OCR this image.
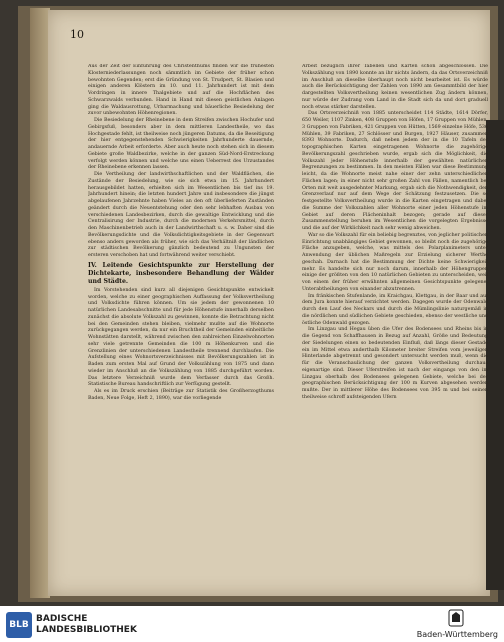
10

Aus der Zeit der Einführung des Christenthums finden wir die frühesten Klosterniederlassungen noch sämmtlich im Gebiete der früher schon bewohnten Gegenden; erst die Gründung von St. Trudpert, St. Blasien und einigen anderen Klöstern im 10. und 11. Jahrhundert ist mit dem Vordringen in innere Thalgebiete und auf die Hochflächen des Schwarzwalds verbunden. Hand in Hand mit diesen geistlichen Anlagen ging die Waldausrottung, Urbarmachung und bäuerliche Besiedelung der zuvor unbewohnten Höhenregionen.

Die Besiedelung der Rheinebene in dem Streifen zwischen Hochufer und Gebirgsfuß, besonders aber in dem mittleren Landestheile, wo das Hochgestade fehlt, ist theilweise noch jüngeren Datums, da die Beseitigung der hier entgegenstehenden Schwierigkeiten Jahrhunderte dauernde, andauernde Arbeit erforderte. Aber auch heute noch stehen sich in diesem Gebiete große Waldbezirke, welche in der ganzen Süd-Nord-Erstreckung verfolgt werden können und welche uns einen Ueberrest des Urzustandes der Rheinebene erkennen lassen.

Die Vertheilung der landwirthschaftlichen und der Waldflächen, die Zustände der Besiedelung, wie sie sich etwa im 15. Jahrhundert herausgebildet hatten, erhielten sich im Wesentlichen bis tief ins 19. Jahrhundert hinein; die letzten hundert Jahre und insbesondere die jüngst abgelaufenen Jahrzehnte haben Vieles an den oft überlieferten Zuständen geändert durch die Neuentstehung oder den sehr lebhaften Ausbau von verschiedenen Landesbezirken, durch die gewaltige Entwicklung und die Centralisirung der Industrie, durch die modernen Verkehrsmittel, durch den Maschinenbetrieb auch in der Landwirthschaft u. s. w. Daher sind die Bevölkerungsdichte und die Volksdichtigkeitsgebiete in der Gegenwart ebenso anders geworden als früher, wie sich das Verhältniß der ländlichen zur städtischen Bevölkerung gänzlich bedeutend zu Ungunsten der ersteren verschoben hat und fortwährend weiter verschiebt.

IV. Leitende Gesichtspunkte zur Herstellung der Dichtekarte, insbesondere Behandlung der Wälder und Städte.

Im Vorstehenden sind kurz all diejenigen Gesichtspunkte entwickelt worden, welche zu einer geographischen Auffassung der Volksvertheilung und Volksdichte führen können. Um sie jedem der gewonnenen 10 natürlichen Landesabschnitte und für jede Höhenstufe innerhalb derselben zunächst die absolute Volkszahl zu gewinnen, konnte die Betrachtung nicht bei den Gemeinden stehen bleiben, vielmehr mußte auf die Wohnorte zurückgegangen werden, da nur ein Bruchtheil der Gemeinden einheitliche Wohnstätten darstellt, während zwischen den zahlreichen Einzelwohnorten sehr viele getrennte Gemeinden die 100 m Höhenkurven und die Grenzlinien der unterschiedenen Landestheile trennend durchlaufen. Die Aufstellung eines Wohnortsverzeichnisses mit Bevölkerungszahlen ist in Baden zum ersten Mal auf Grund der Volkszählung von 1875 und dann wieder im Anschluß an die Volkszählung von 1885 durchgeführt worden. Das letztere Verzeichniß wurde dem Verfasser durch das Großh. Statistische Bureau handschriftlich zur Verfügung gestellt.

Als es im Druck erschien (Beiträge zur Statistik des Großherzogthums Baden, Neue Folge, Heft 2, 1890), war die vorliegende

Arbeit bezüglich ihrer Tabellen und Karten schon abgeschlossen. Die Volkszählung von 1890 konnte an ihr nichts ändern, da das Ortsverzeichniß im Anschluß an dieselbe überhaupt noch nicht bearbeitet ist. Es würde auch die Berücksichtigung der Zahlen von 1890 am Gesammtbild der hier dargestellten Volksvertheilung keinen wesentlichen Zug ändern können, nur würde der Zudrang vom Land in die Stadt sich da und dort graduell noch etwas stärker darstellen.

Das Ortsverzeichniß von 1885 unterscheidet 114 Städte, 1614 Dörfer, 650 Weiler, 1107 Zinken, 408 Gruppen von Höfen, 17 Gruppen von Mühlen, 3 Gruppen von Fabriken, 421 Gruppen von Hütten, 1569 einzelne Höfe, 536 Mühlen, 39 Fabriken, 27 Schlösser und Burgen, 1927 Häuser, zusammen 8393 Wohnorte. Dadurch, daß neben jedem der in die 10 Tafeln der topographischen Karten eingetragenen Wohnorte die zugehörige Bevölkerungszahl geschrieben wurde, ergab sich die Möglichkeit, die Volkszahl jeder Höhenstufe innerhalb der gewählten natürlichen Begrenzungen zu bestimmen. In den meisten Fällen war diese Bestimmung leicht, da die Wohnorte meist nahe einer der zehn unterschiedlichen Flächen lagen; in einer nicht sehr großen Zahl von Fällen, namentlich bei Orten mit weit ausgedehnter Markung, ergab sich die Nothwendigkeit, den Grenzverlauf nur auf dem Wege der Schätzung festzusetzen. Die so festgestellte Volksvertheilung wurde in die Karten eingetragen und dabei die Summe der Volkszahlen aller Wohnorte einer jeden Höhenstufe im Gebiet auf deren Flächeninhalt bezogen; gerade auf dieser Zusammenstellung beruhen im Wesentlichen die vorgelegten Ergebnisse und die auf der Wirklichkeit nach sehr wenig abweichen.

War so die Volkszahl für ein beliebig begrenztes, von jeglicher politischen Einrichtung unabhängiges Gebiet gewonnen, so bleibt noch die zugehörige Fläche anzugeben, welche, was mittels des Polarplanimeters unter Anwendung der üblichen Maßregeln zur Erzielung sicherer Werthe geschah. Darnach hat die Bestimmung der Dichte keine Schwierigkeit mehr. Es handelte sich nur noch darum, innerhalb der Höhengruppen einige der größten von den 10 natürlichen Gebieten zu unterscheiden, weil von einem der früher erwähnten allgemeinen Gesichtspunkte gelegene, Unterabtheilungen von einander abzutrennen.

Im fränkischen Stufenlande, im Kraichgau, Klettgau, in der Baar und auf dem Jura konnte hierauf verzichtet werden. Dagegen wurde der Odenwald durch den Lauf des Neckars und durch die Mümlingslinie naturgemäß in die nördlichen und südlichen Gebiete geschieden, ebenso der westliche und östliche Odenwald gezogen.

Im Linzgau und Hegau üben die Ufer des Bodensees und Rheins bis in die Gegend von Schaffhausen in Bezug auf Anzahl, Größe und Bedeutung der Siedelungen einen so bedeutenden Einfluß, daß längs dieser Gestade ein im Mittel etwa anderthalb Kilometer breiter Streifen vom jeweiligen Hinterlande abgetrennt und gesondert untersucht werden muß, wenn die für die Veranschaulichung der ganzen Volksvertheilung durchaus eigenartige sind. Dieser Uferstreifen ist nach der eingangs von den im Linzgau oberhalb des Bodensees gelegenen Gebiete, welche bei der geographischen Berücksichtigung der 100 m Kurven abgesehen werden mußte. Der in mittlerer Höhe des Bodensees von 395 m und bei seinen theilweise schroff aufsteigenden Ufern

BLB
BADISCHE
LANDESBIBLIOTHEK	Baden-Württemberg
